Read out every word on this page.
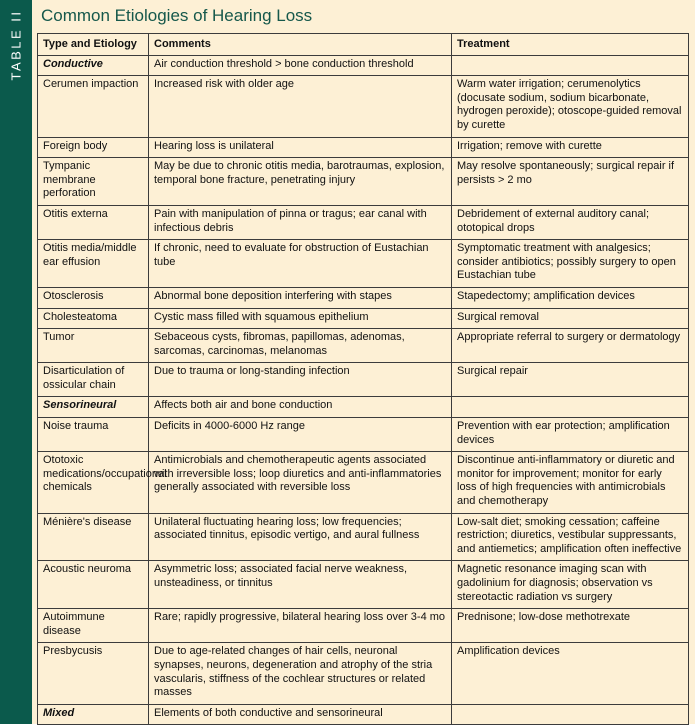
TABLE II Common Etiologies of Hearing Loss
Type and Etiology	Comments	Treatment
Conductive	Air conduction threshold > bone conduction threshold	
Cerumen impaction	Increased risk with older age	Warm water irrigation; cerumenolytics (docusate sodium, sodium bicarbonate, hydrogen peroxide); otoscope-guided removal by curette
Foreign body	Hearing loss is unilateral	Irrigation; remove with curette
Tympanic membrane perforation	May be due to chronic otitis media, barotraumas, explosion, temporal bone fracture, penetrating injury	May resolve spontaneously; surgical repair if persists > 2 mo
Otitis externa	Pain with manipulation of pinna or tragus; ear canal with infectious debris	Debridement of external auditory canal; ototopical drops
Otitis media/middle ear effusion	If chronic, need to evaluate for obstruction of Eustachian tube	Symptomatic treatment with analgesics; consider antibiotics; possibly surgery to open Eustachian tube
Otosclerosis	Abnormal bone deposition interfering with stapes	Stapedectomy; amplification devices
Cholesteatoma	Cystic mass filled with squamous epithelium	Surgical removal
Tumor	Sebaceous cysts, fibromas, papillomas, adenomas, sarcomas, carcinomas, melanomas	Appropriate referral to surgery or dermatology
Disarticulation of ossicular chain	Due to trauma or long-standing infection	Surgical repair
Sensorineural	Affects both air and bone conduction	
Noise trauma	Deficits in 4000-6000 Hz range	Prevention with ear protection; amplification devices
Ototoxic medications/occupational chemicals	Antimicrobials and chemotherapeutic agents associated with irreversible loss; loop diuretics and anti-inflammatories generally associated with reversible loss	Discontinue anti-inflammatory or diuretic and monitor for improvement; monitor for early loss of high frequencies with antimicrobials and chemotherapy
Ménière's disease	Unilateral fluctuating hearing loss; low frequencies; associated tinnitus, episodic vertigo, and aural fullness	Low-salt diet; smoking cessation; caffeine restriction; diuretics, vestibular suppressants, and antiemetics; amplification often ineffective
Acoustic neuroma	Asymmetric loss; associated facial nerve weakness, unsteadiness, or tinnitus	Magnetic resonance imaging scan with gadolinium for diagnosis; observation vs stereotactic radiation vs surgery
Autoimmune disease	Rare; rapidly progressive, bilateral hearing loss over 3-4 mo	Prednisone; low-dose methotrexate
Presbycusis	Due to age-related changes of hair cells, neuronal synapses, neurons, degeneration and atrophy of the stria vascularis, stiffness of the cochlear structures or related masses	Amplification devices
Mixed	Elements of both conductive and sensorineural	
